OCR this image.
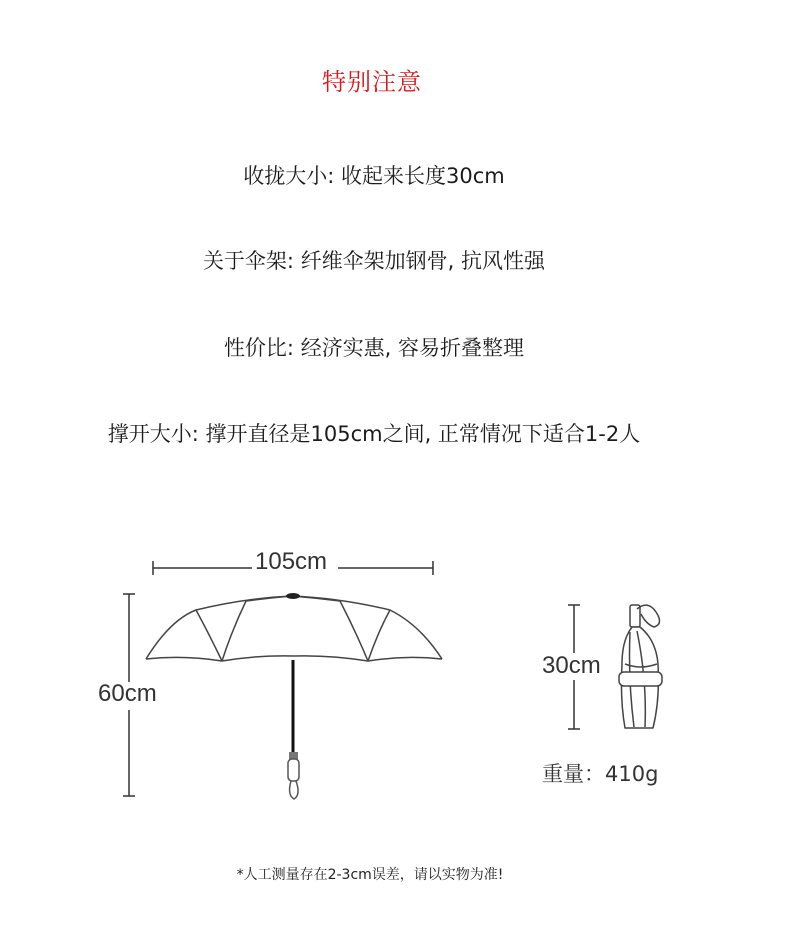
特别注意
收拢大小: 收起来长度30cm
关于伞架: 纤维伞架加钢骨, 抗风性强
性价比: 经济实惠, 容易折叠整理
撑开大小: 撑开直径是105cm之间, 正常情况下适合1-2人
105cm
60cm
30cm
重量：410g
*人工测量存在2-3cm误差，请以实物为准!
